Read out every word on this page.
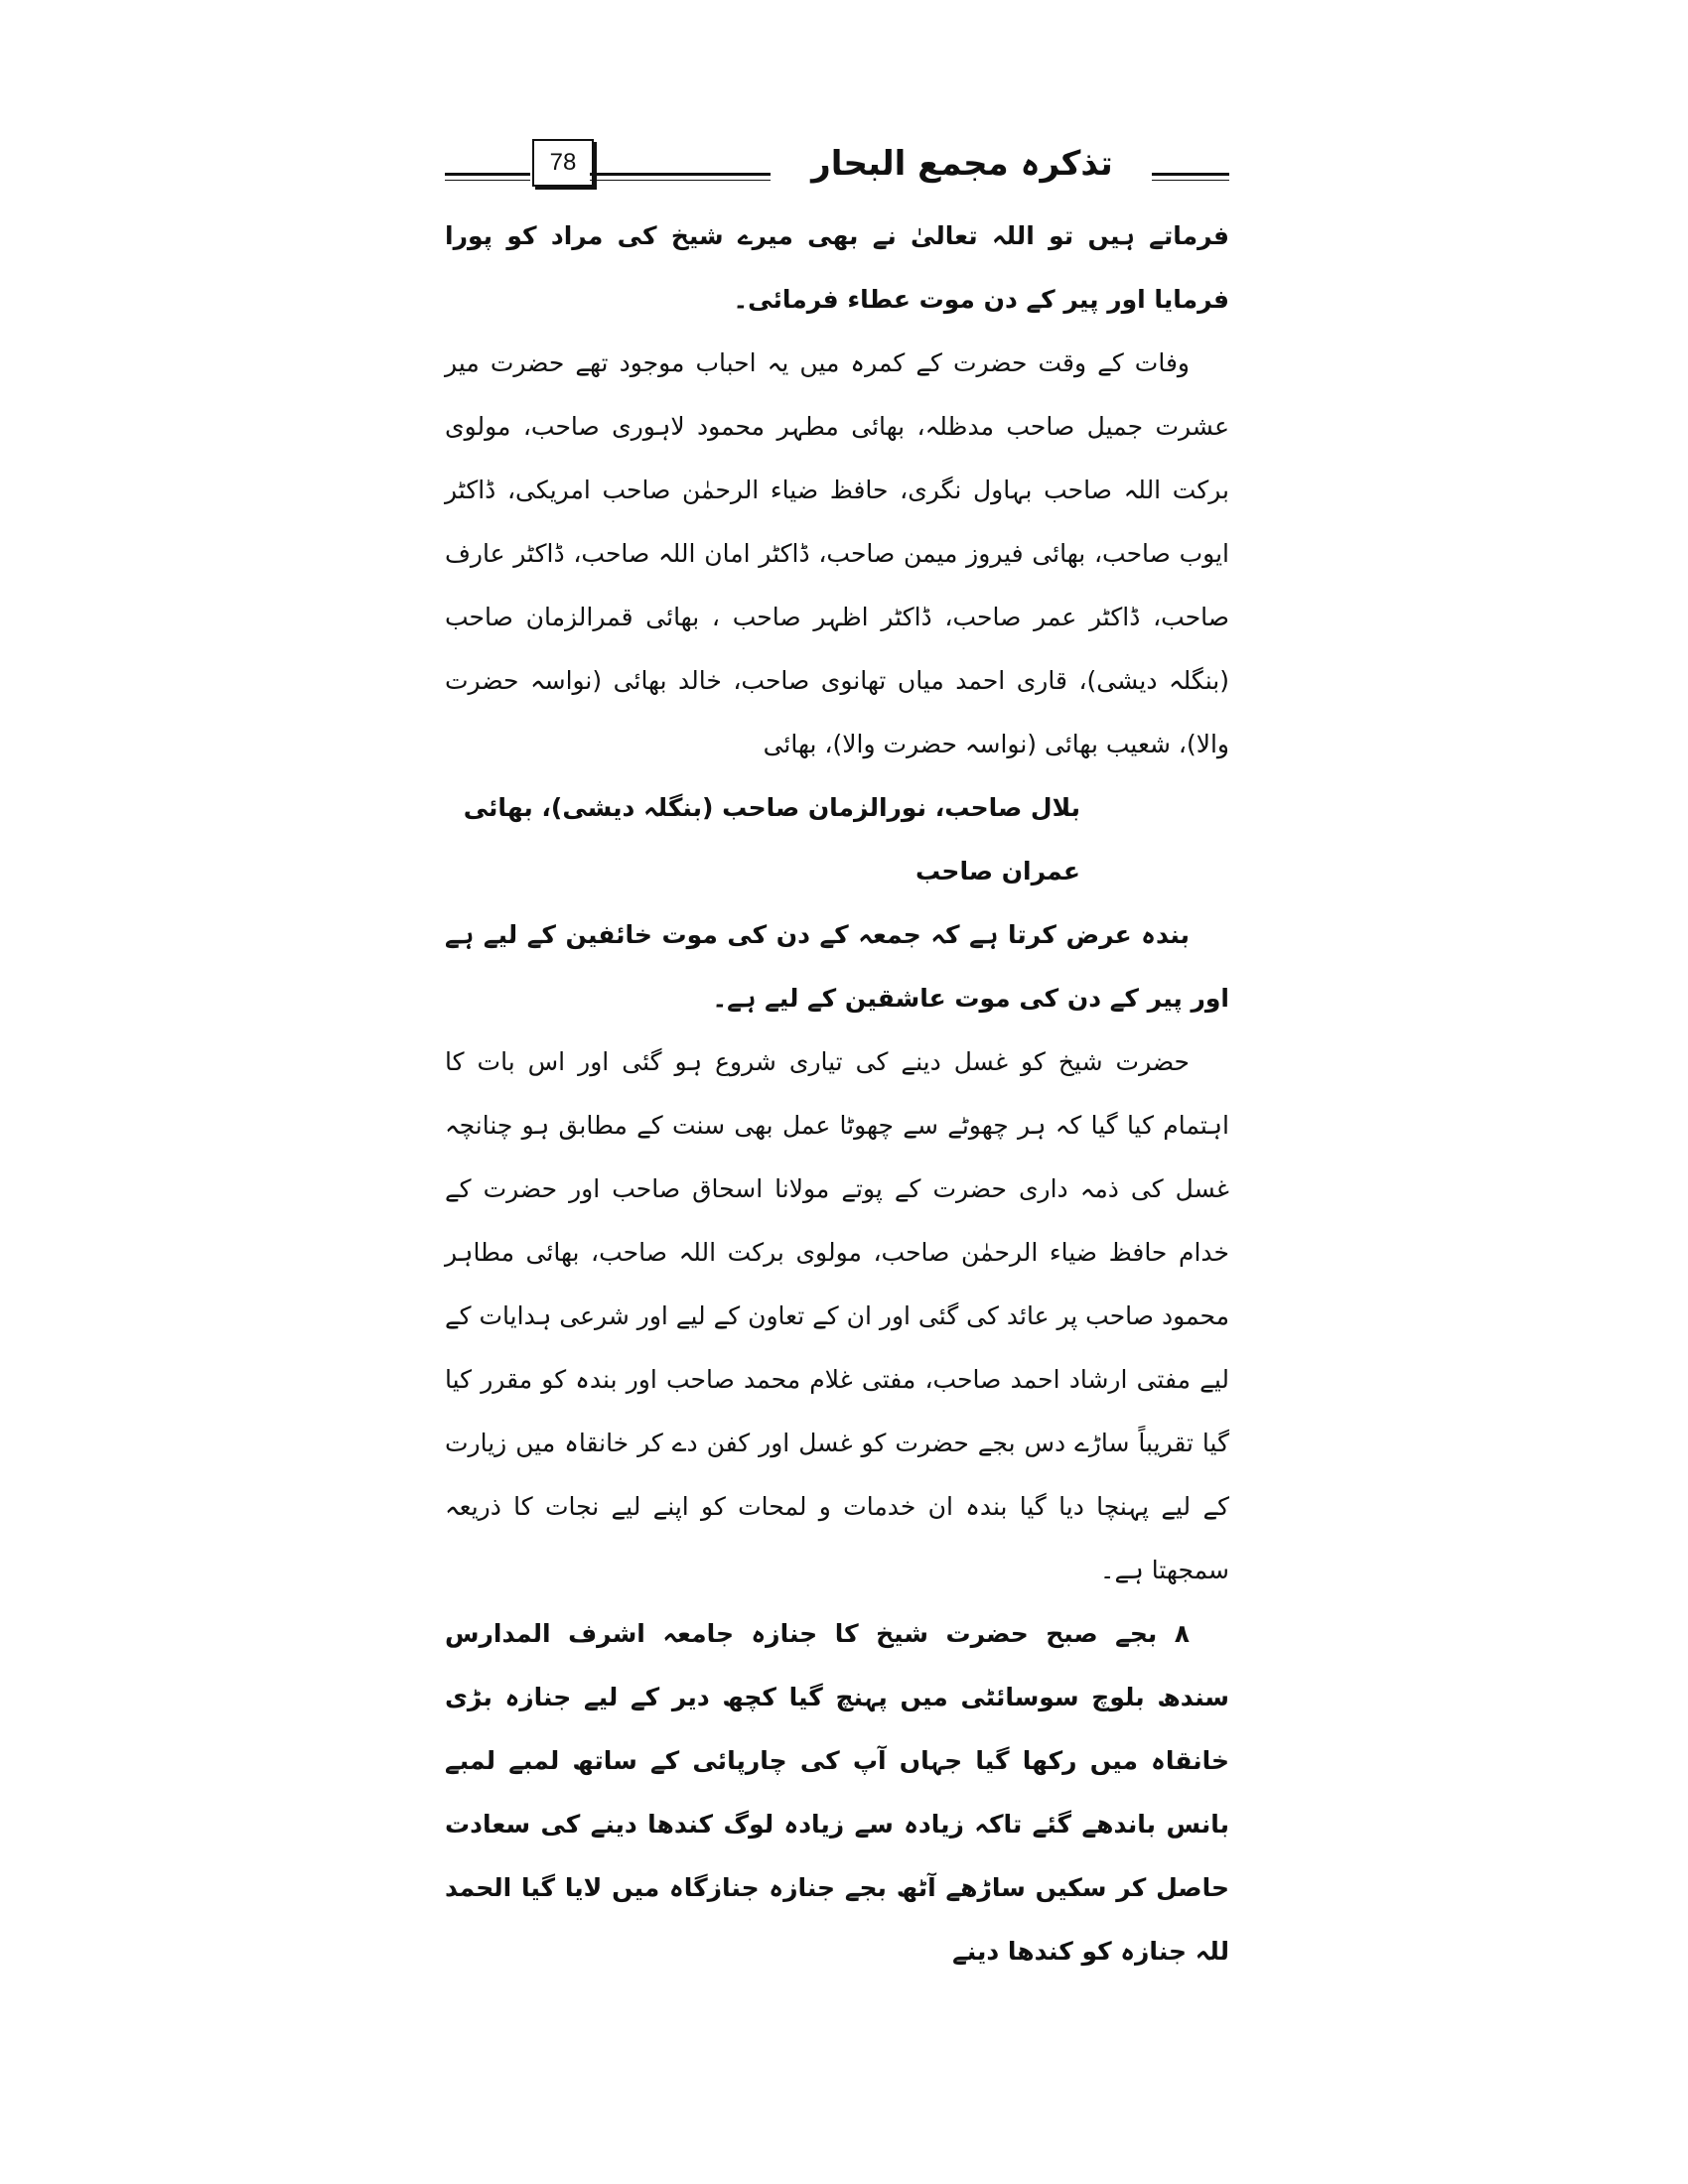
78	تذکرہ مجمع البحار

فرماتے ہیں تو اللہ تعالیٰ نے بھی میرے شیخ کی مراد کو پورا فرمایا اور پیر کے دن موت عطاء فرمائی۔

وفات کے وقت حضرت کے کمرہ میں یہ احباب موجود تھے حضرت میر عشرت جمیل صاحب مدظلہ، بھائی مطہر محمود لاہوری صاحب، مولوی برکت اللہ صاحب بہاول نگری، حافظ ضیاء الرحمٰن صاحب امریکی، ڈاکٹر ایوب صاحب، بھائی فیروز میمن صاحب، ڈاکٹر امان اللہ صاحب، ڈاکٹر عارف صاحب، ڈاکٹر عمر صاحب، ڈاکٹر اظہر صاحب ، بھائی قمرالزمان صاحب (بنگلہ دیشی)، قاری احمد میاں تھانوی صاحب، خالد بھائی (نواسہ حضرت والا)، شعیب بھائی (نواسہ حضرت والا)، بھائی

بلال صاحب، نورالزمان صاحب (بنگلہ دیشی)، بھائی عمران صاحب

بندہ عرض کرتا ہے کہ جمعہ کے دن کی موت خائفین کے لیے ہے اور پیر کے دن کی موت عاشقین کے لیے ہے۔

حضرت شیخ کو غسل دینے کی تیاری شروع ہو گئی اور اس بات کا اہتمام کیا گیا کہ ہر چھوٹے سے چھوٹا عمل بھی سنت کے مطابق ہو چنانچہ غسل کی ذمہ داری حضرت کے پوتے مولانا اسحاق صاحب اور حضرت کے خدام حافظ ضیاء الرحمٰن صاحب، مولوی برکت اللہ صاحب، بھائی مطاہر محمود صاحب پر عائد کی گئی اور ان کے تعاون کے لیے اور شرعی ہدایات کے لیے مفتی ارشاد احمد صاحب، مفتی غلام محمد صاحب اور بندہ کو مقرر کیا گیا تقریباً ساڑے دس بجے حضرت کو غسل اور کفن دے کر خانقاہ میں زیارت کے لیے پہنچا دیا گیا بندہ ان خدمات و لمحات کو اپنے لیے نجات کا ذریعہ سمجھتا ہے۔

۸ بجے صبح حضرت شیخ کا جنازہ جامعہ اشرف المدارس سندھ بلوچ سوسائٹی میں پہنچ گیا کچھ دیر کے لیے جنازہ بڑی خانقاہ میں رکھا گیا جہاں آپ کی چارپائی کے ساتھ لمبے لمبے بانس باندھے گئے تاکہ زیادہ سے زیادہ لوگ کندھا دینے کی سعادت حاصل کر سکیں ساڑھے آٹھ بجے جنازہ جنازگاہ میں لایا گیا الحمد للہ جنازہ کو کندھا دینے
